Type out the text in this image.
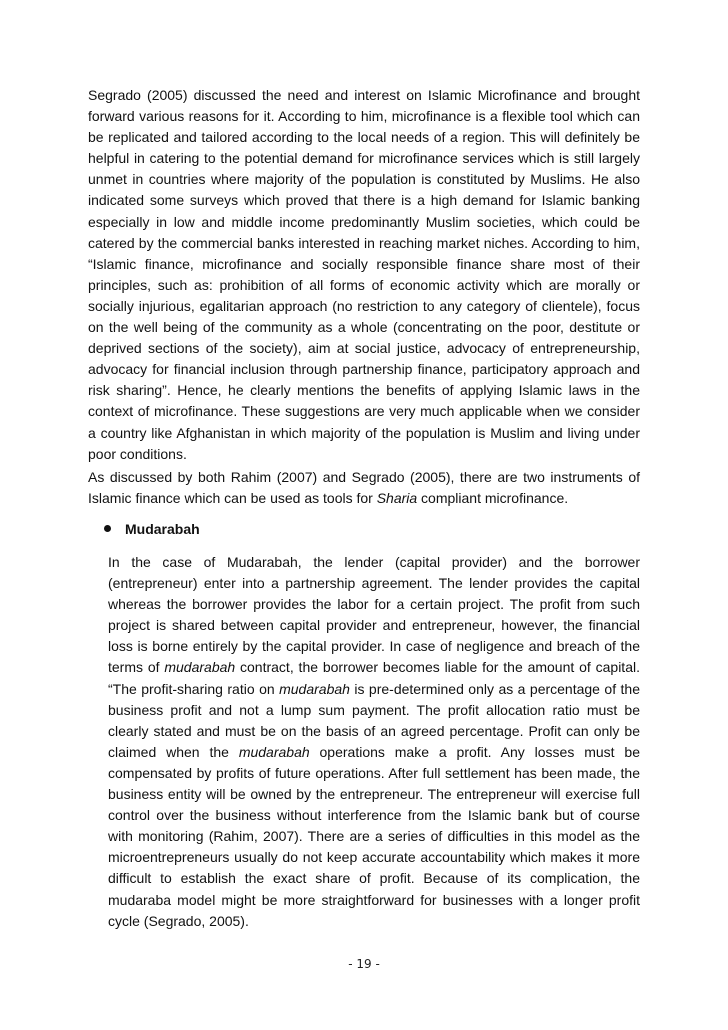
Segrado (2005) discussed the need and interest on Islamic Microfinance and brought forward various reasons for it. According to him, microfinance is a flexible tool which can be replicated and tailored according to the local needs of a region. This will definitely be helpful in catering to the potential demand for microfinance services which is still largely unmet in countries where majority of the population is constituted by Muslims. He also indicated some surveys which proved that there is a high demand for Islamic banking especially in low and middle income predominantly Muslim societies, which could be catered by the commercial banks interested in reaching market niches. According to him, “Islamic finance, microfinance and socially responsible finance share most of their principles, such as: prohibition of all forms of economic activity which are morally or socially injurious, egalitarian approach (no restriction to any category of clientele), focus on the well being of the community as a whole (concentrating on the poor, destitute or deprived sections of the society), aim at social justice, advocacy of entrepreneurship, advocacy for financial inclusion through partnership finance, participatory approach and risk sharing”. Hence, he clearly mentions the benefits of applying Islamic laws in the context of microfinance. These suggestions are very much applicable when we consider a country like Afghanistan in which majority of the population is Muslim and living under poor conditions.
As discussed by both Rahim (2007) and Segrado (2005), there are two instruments of Islamic finance which can be used as tools for Sharia compliant microfinance.
Mudarabah
In the case of Mudarabah, the lender (capital provider) and the borrower (entrepreneur) enter into a partnership agreement. The lender provides the capital whereas the borrower provides the labor for a certain project. The profit from such project is shared between capital provider and entrepreneur, however, the financial loss is borne entirely by the capital provider. In case of negligence and breach of the terms of mudarabah contract, the borrower becomes liable for the amount of capital. “The profit-sharing ratio on mudarabah is pre-determined only as a percentage of the business profit and not a lump sum payment. The profit allocation ratio must be clearly stated and must be on the basis of an agreed percentage. Profit can only be claimed when the mudarabah operations make a profit. Any losses must be compensated by profits of future operations. After full settlement has been made, the business entity will be owned by the entrepreneur. The entrepreneur will exercise full control over the business without interference from the Islamic bank but of course with monitoring (Rahim, 2007). There are a series of difficulties in this model as the microentrepreneurs usually do not keep accurate accountability which makes it more difficult to establish the exact share of profit. Because of its complication, the mudaraba model might be more straightforward for businesses with a longer profit cycle (Segrado, 2005).
- 19 -
